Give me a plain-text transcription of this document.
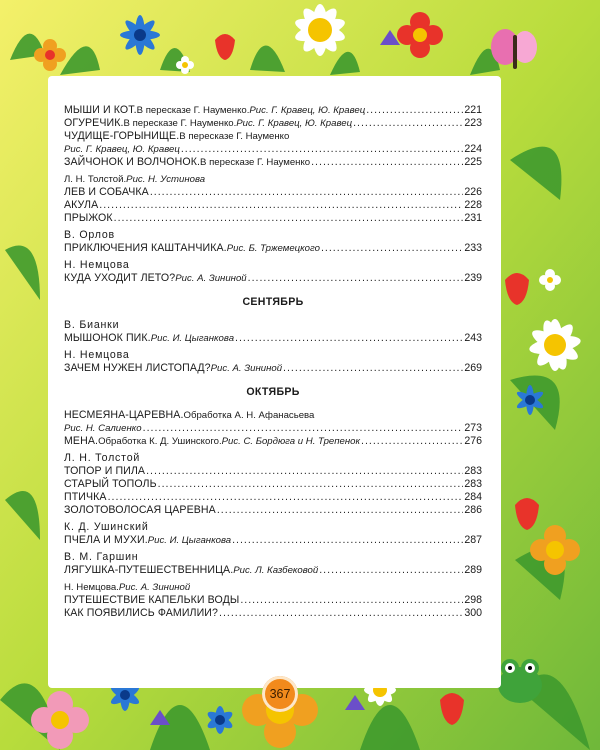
МЫШИ И КОТ. В пересказе Г. Науменко. Рис. Г. Кравец, Ю. Кравец .....	221
ОГУРЕЧИК. В пересказе Г. Науменко. Рис. Г. Кравец, Ю. Кравец .....	223
ЧУДИЩЕ-ГОРЫНИЩЕ. В пересказе Г. Науменко
Рис. Г. Кравец, Ю. Кравец .....	224
ЗАЙЧОНОК И ВОЛЧОНОК. В пересказе Г. Науменко .....	225
Л. Н. Толстой. Рис. Н. Устинова
ЛЕВ И СОБАЧКА .....	226
АКУЛА .....	228
ПРЫЖОК .....	231
В. Орлов
ПРИКЛЮЧЕНИЯ КАШТАНЧИКА. Рис. Б. Тржемецкого .....	233
Н. Немцова
КУДА УХОДИТ ЛЕТО? Рис. А. Зининой .....	239
СЕНТЯБРЬ
В. Бианки
МЫШОНОК ПИК. Рис. И. Цыганкова .....	243
Н. Немцова
ЗАЧЕМ НУЖЕН ЛИСТОПАД? Рис. А. Зининой .....	269
ОКТЯБРЬ
НЕСМЕЯНА-ЦАРЕВНА. Обработка А. Н. Афанасьева
Рис. Н. Салиенко .....	273
МЕНА. Обработка К. Д. Ушинского. Рис. С. Бордюга и Н. Трепенок .....	276
Л. Н. Толстой
ТОПОР И ПИЛА .....	283
СТАРЫЙ ТОПОЛЬ .....	283
ПТИЧКА .....	284
ЗОЛОТОВОЛОСАЯ ЦАРЕВНА .....	286
К. Д. Ушинский
ПЧЕЛА И МУХИ. Рис. И. Цыганкова .....	287
В. М. Гаршин
ЛЯГУШКА-ПУТЕШЕСТВЕННИЦА. Рис. Л. Казбековой .....	289
Н. Немцова. Рис. А. Зининой
ПУТЕШЕСТВИЕ КАПЕЛЬКИ ВОДЫ .....	298
КАК ПОЯВИЛИСЬ ФАМИЛИИ? .....	300
367
